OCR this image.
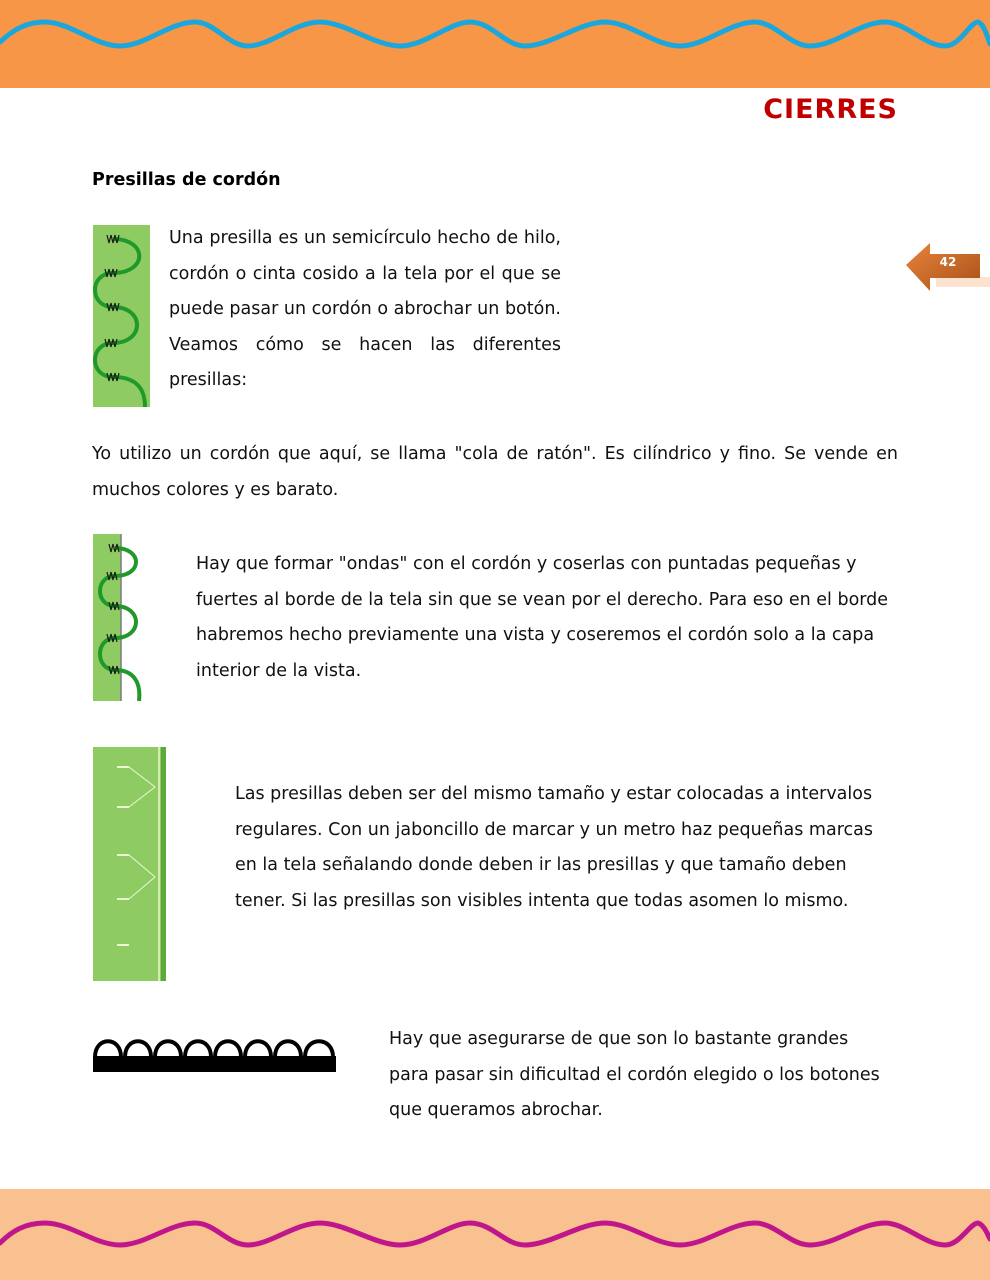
CIERRES
42
Presillas de cordón
Una presilla es un semicírculo hecho de hilo, cordón o cinta cosido a la tela por el que se puede pasar un cordón o abrochar un botón. Veamos cómo se hacen las diferentes presillas:
Yo utilizo un cordón que aquí, se llama "cola de ratón". Es cilíndrico y fino. Se vende en muchos colores y es barato.
Hay que formar "ondas" con el cordón y coserlas con puntadas pequeñas y fuertes al borde de la tela sin que se vean por el derecho. Para eso en el borde habremos hecho previamente una vista y coseremos el cordón solo a la capa interior de la vista.
Las presillas deben ser del mismo tamaño y estar colocadas a intervalos regulares. Con un jaboncillo de marcar y un metro haz pequeñas marcas en la tela señalando donde deben ir las presillas y que tamaño deben tener. Si las presillas son visibles intenta que todas asomen lo mismo.
Hay que asegurarse de que son lo bastante grandes para pasar sin dificultad el cordón elegido o los botones que queramos abrochar.
